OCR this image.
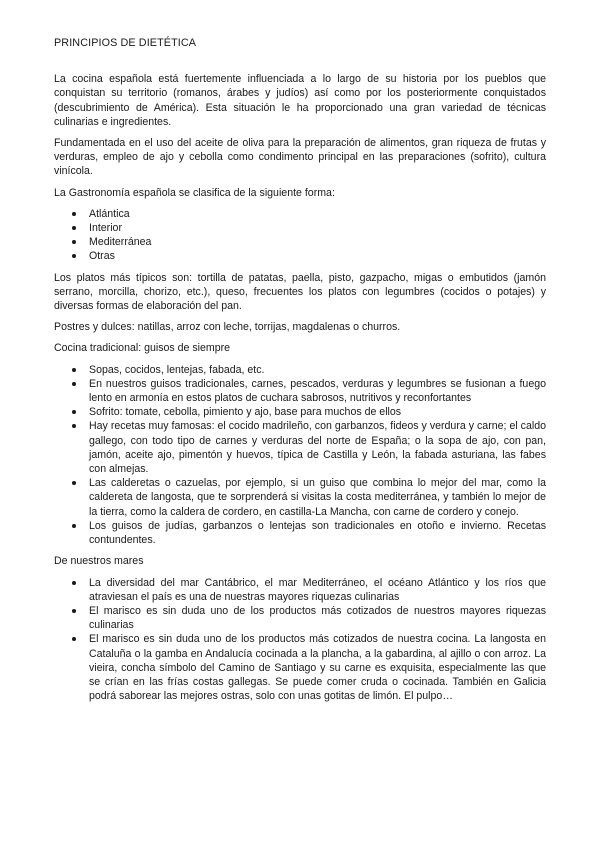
PRINCIPIOS DE DIETÉTICA

La cocina española está fuertemente influenciada a lo largo de su historia por los pueblos que conquistan su territorio (romanos, árabes y judíos) así como por los posteriormente conquistados (descubrimiento de América). Esta situación le ha proporcionado una gran variedad de técnicas culinarias e ingredientes.

Fundamentada en el uso del aceite de oliva para la preparación de alimentos, gran riqueza de frutas y verduras, empleo de ajo y cebolla como condimento principal en las preparaciones (sofrito), cultura vinícola.

La Gastronomía española se clasifica de la siguiente forma:

Atlántica
Interior
Mediterránea
Otras

Los platos más típicos son: tortilla de patatas, paella, pisto, gazpacho, migas o embutidos (jamón serrano, morcilla, chorizo, etc.), queso, frecuentes los platos con legumbres (cocidos o potajes) y diversas formas de elaboración del pan.

Postres y dulces: natillas, arroz con leche, torrijas, magdalenas o churros.

Cocina tradicional: guisos de siempre

Sopas, cocidos, lentejas, fabada, etc.
En nuestros guisos tradicionales, carnes, pescados, verduras y legumbres se fusionan a fuego lento en armonía en estos platos de cuchara sabrosos, nutritivos y reconfortantes
Sofrito: tomate, cebolla, pimiento y ajo, base para muchos de ellos
Hay recetas muy famosas: el cocido madrileño, con garbanzos, fideos y verdura y carne; el caldo gallego, con todo tipo de carnes y verduras del norte de España; o la sopa de ajo, con pan, jamón, aceite ajo, pimentón y huevos, típica de Castilla y León, la fabada asturiana, las fabes con almejas.
Las calderetas o cazuelas, por ejemplo, si un guiso que combina lo mejor del mar, como la caldereta de langosta, que te sorprenderá si visitas la costa mediterránea, y también lo mejor de la tierra, como la caldera de cordero, en castilla-La Mancha, con carne de cordero y conejo.
Los guisos de judías, garbanzos o lentejas son tradicionales en otoño e invierno. Recetas contundentes.

De nuestros mares

La diversidad del mar Cantábrico, el mar Mediterráneo, el océano Atlántico y los ríos que atraviesan el país es una de nuestras mayores riquezas culinarias
El marisco es sin duda uno de los productos más cotizados de nuestros mayores riquezas culinarias
El marisco es sin duda uno de los productos más cotizados de nuestra cocina. La langosta en Cataluña o la gamba en Andalucía cocinada a la plancha, a la gabardina, al ajillo o con arroz. La vieira, concha símbolo del Camino de Santiago y su carne es exquisita, especialmente las que se crían en las frías costas gallegas. Se puede comer cruda o cocinada. También en Galicia podrá saborear las mejores ostras, solo con unas gotitas de limón. El pulpo…
